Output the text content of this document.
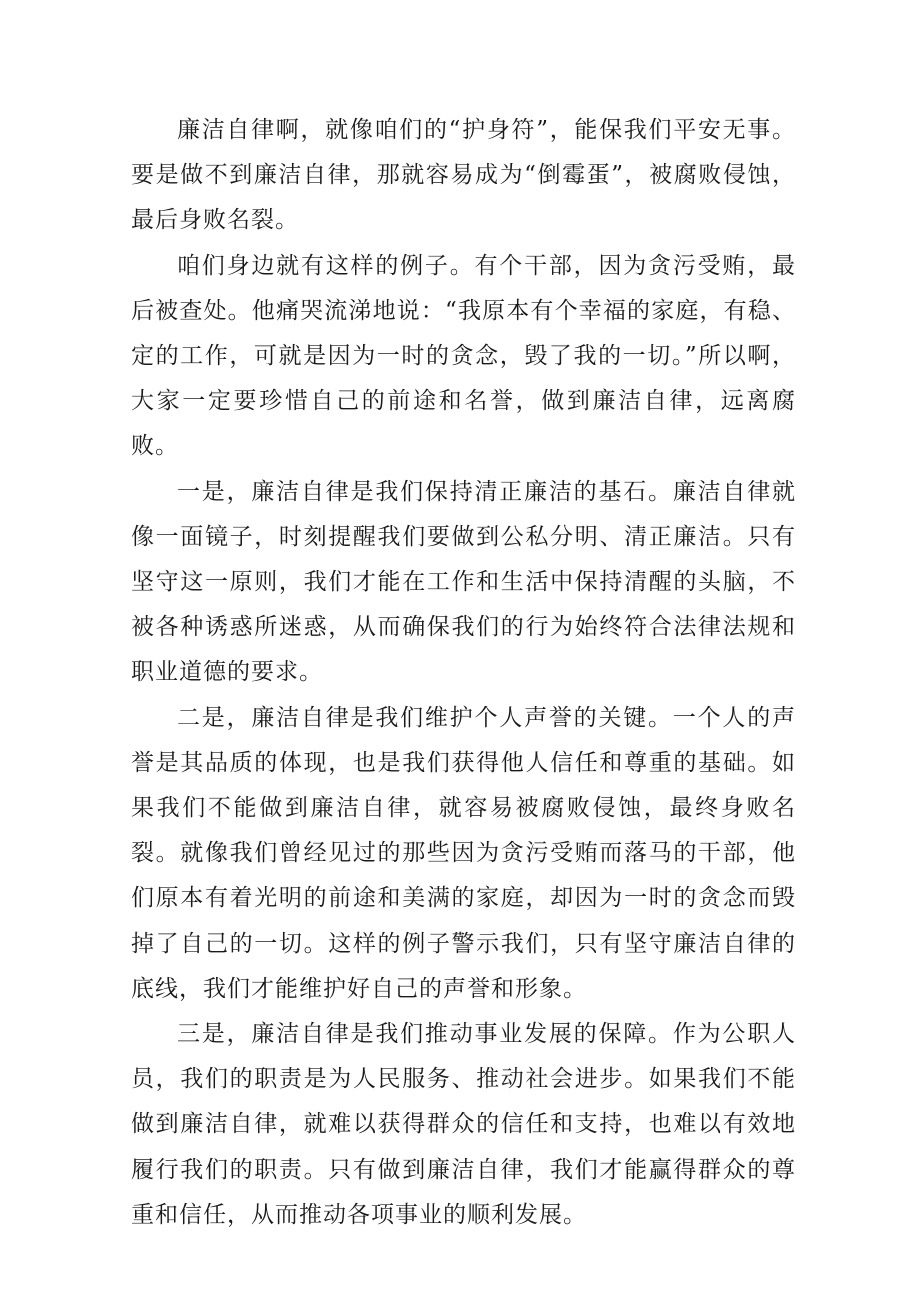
廉洁自律啊，就像咱们的“护身符”，能保我们平安无事。要是做不到廉洁自律，那就容易成为“倒霉蛋”，被腐败侵蚀，最后身败名裂。

咱们身边就有这样的例子。有个干部，因为贪污受贿，最后被查处。他痛哭流涕地说：“我原本有个幸福的家庭，有稳、定的工作，可就是因为一时的贪念，毁了我的一切。”所以啊，大家一定要珍惜自己的前途和名誉，做到廉洁自律，远离腐败。

一是，廉洁自律是我们保持清正廉洁的基石。廉洁自律就像一面镜子，时刻提醒我们要做到公私分明、清正廉洁。只有坚守这一原则，我们才能在工作和生活中保持清醒的头脑，不被各种诱惑所迷惑，从而确保我们的行为始终符合法律法规和职业道德的要求。

二是，廉洁自律是我们维护个人声誉的关键。一个人的声誉是其品质的体现，也是我们获得他人信任和尊重的基础。如果我们不能做到廉洁自律，就容易被腐败侵蚀，最终身败名裂。就像我们曾经见过的那些因为贪污受贿而落马的干部，他们原本有着光明的前途和美满的家庭，却因为一时的贪念而毁掉了自己的一切。这样的例子警示我们，只有坚守廉洁自律的底线，我们才能维护好自己的声誉和形象。

三是，廉洁自律是我们推动事业发展的保障。作为公职人员，我们的职责是为人民服务、推动社会进步。如果我们不能做到廉洁自律，就难以获得群众的信任和支持，也难以有效地履行我们的职责。只有做到廉洁自律，我们才能赢得群众的尊重和信任，从而推动各项事业的顺利发展。
